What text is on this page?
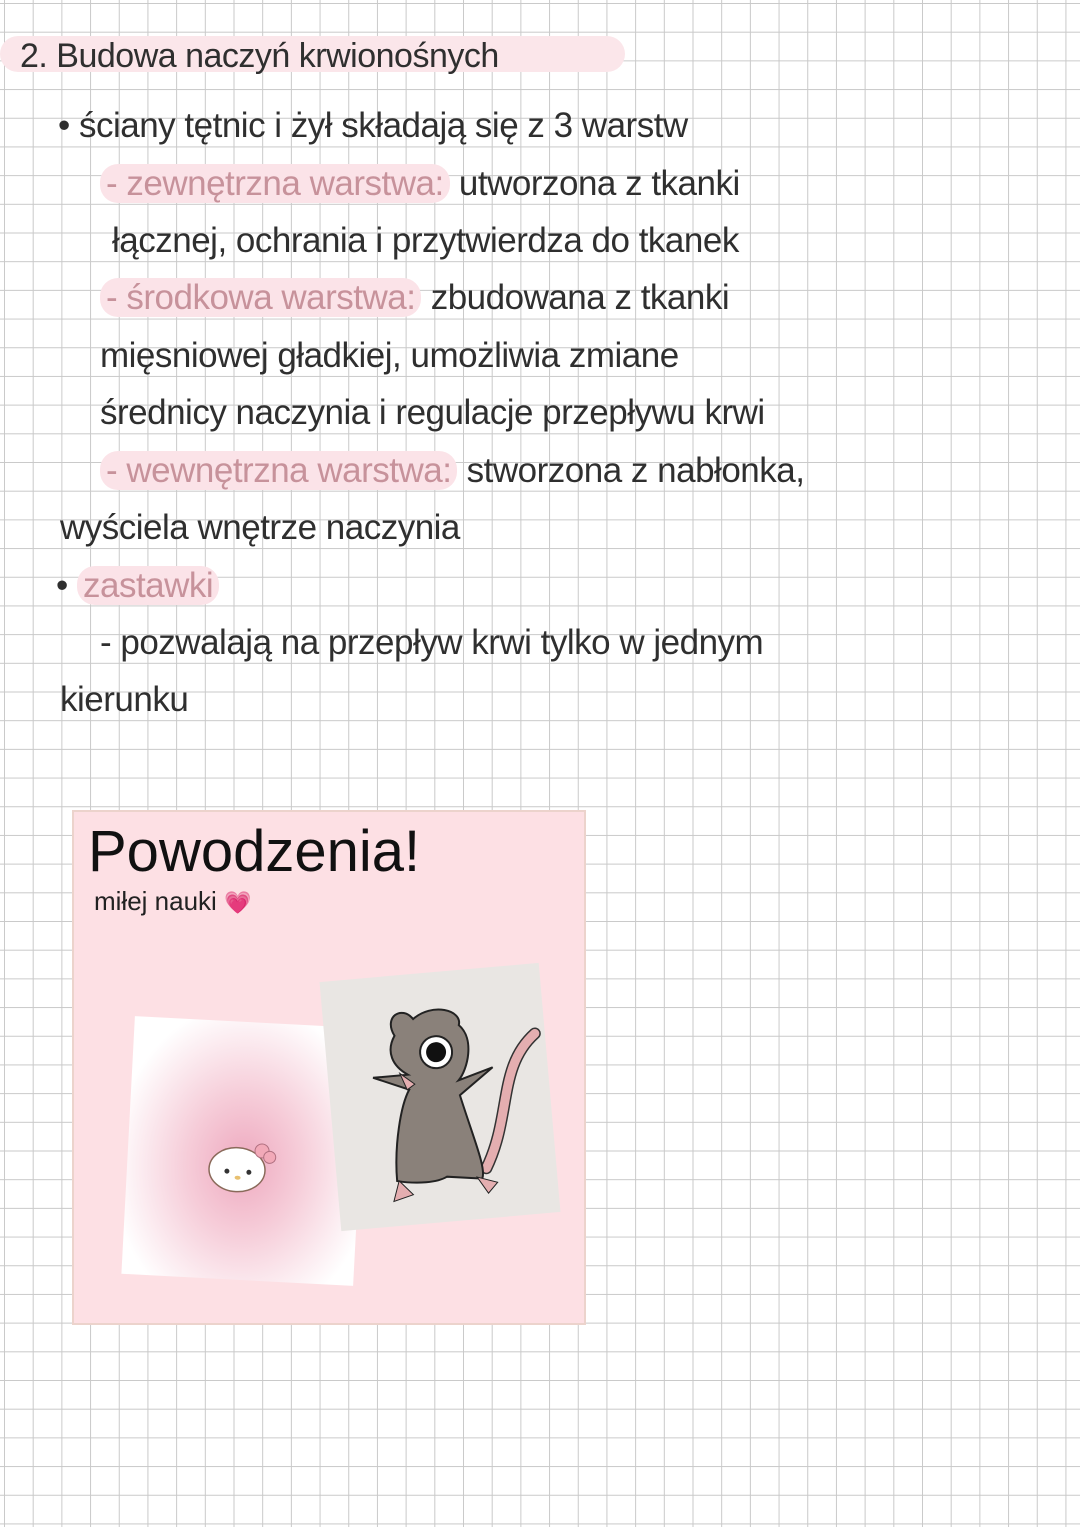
2. Budowa naczyń krwionośnych
• ściany tętnic i żył składają się z 3 warstw
- zewnętrzna warstwa: utworzona z tkanki
łącznej, ochrania i przytwierdza do tkanek
- środkowa warstwa: zbudowana z tkanki
mięsniowej gładkiej, umożliwia zmiane
średnicy naczynia i regulacje przepływu krwi
- wewnętrzna warstwa: stworzona z nabłonka,
wyściela wnętrze naczynia
• zastawki
- pozwalają na przepływ krwi tylko w jednym
kierunku
Powodzenia!
miłej nauki 💗
